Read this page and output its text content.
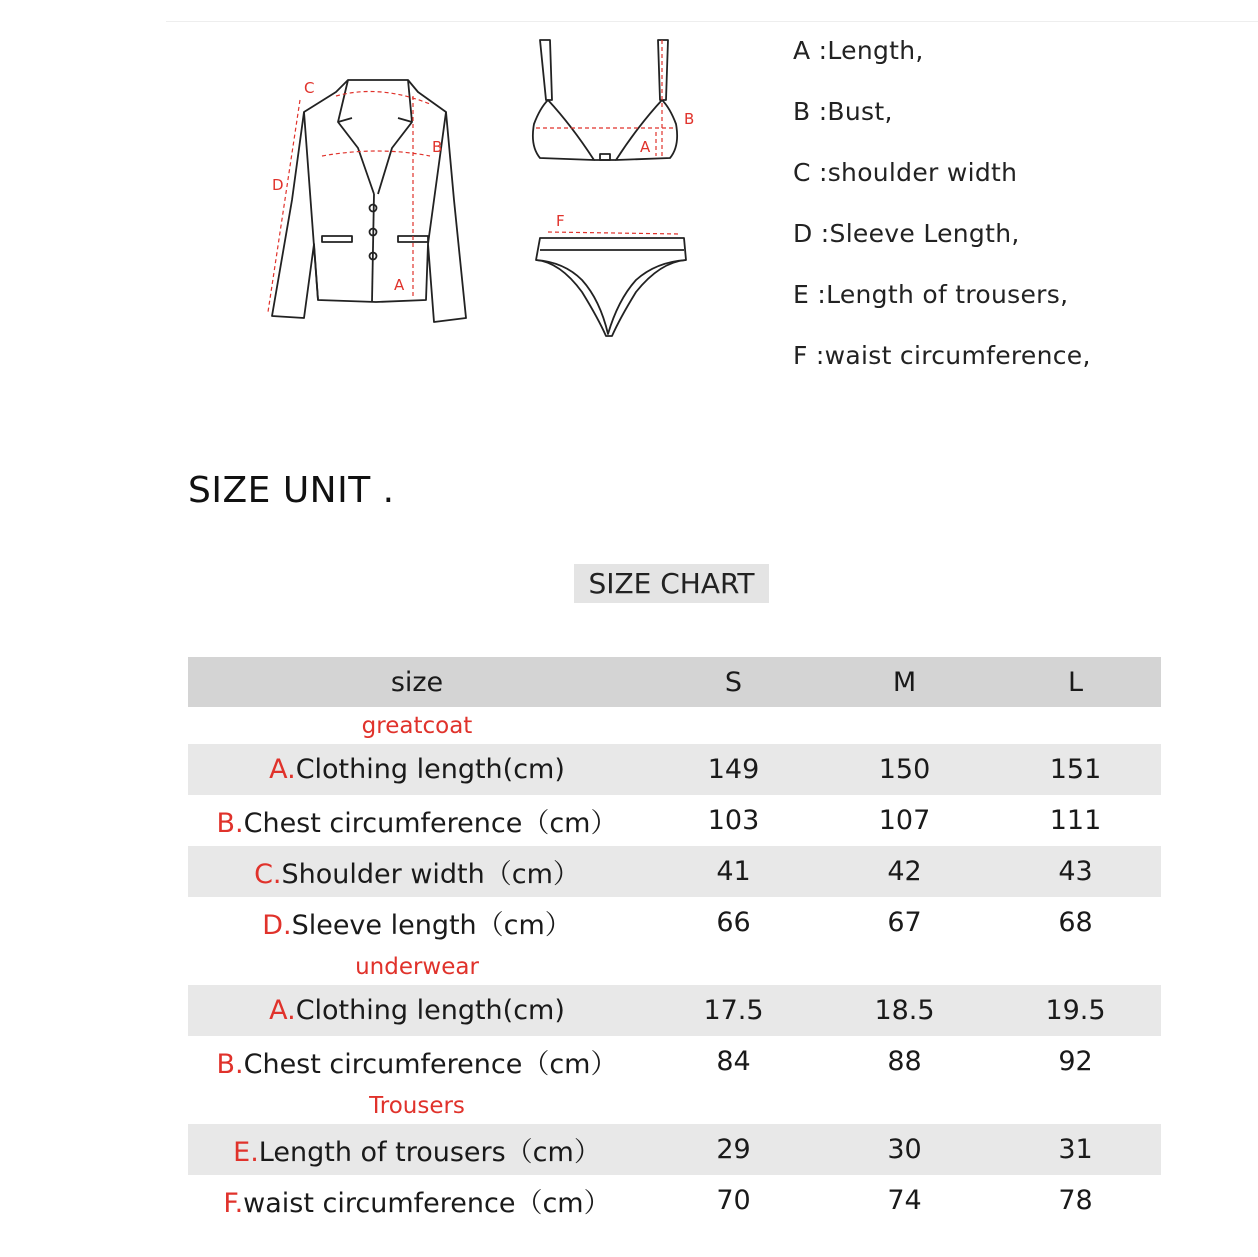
C
B
D
A
B
A
F
A :Length,
B :Bust,
C :shoulder width
D :Sleeve Length,
E :Length of trousers,
F :waist circumference,
SIZE UNIT .
SIZE CHART
size	S	M	L
greatcoat
A.Clothing length(cm)	149	150	151
B.Chest circumference（cm）	103	107	111
C.Shoulder width（cm）	41	42	43
D.Sleeve length（cm）	66	67	68
underwear
A.Clothing length(cm)	17.5	18.5	19.5
B.Chest circumference（cm）	84	88	92
Trousers
E.Length of trousers（cm）	29	30	31
F.waist circumference（cm）	70	74	78
